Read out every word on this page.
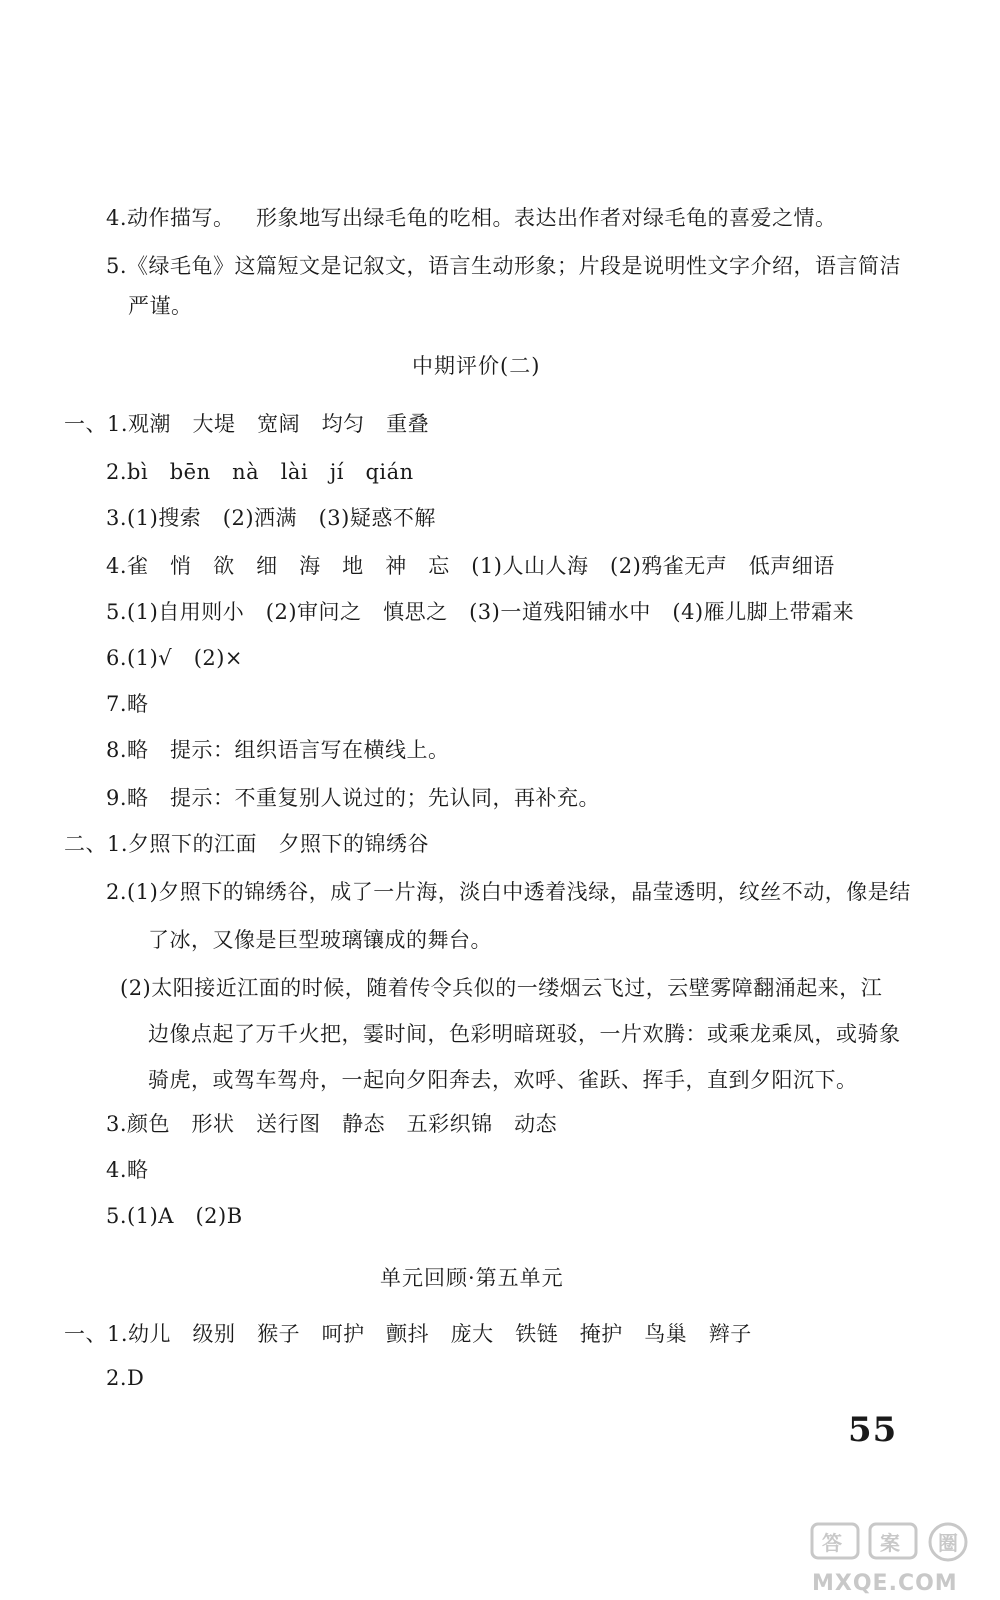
4.动作描写。   形象地写出绿毛龟的吃相。表达出作者对绿毛龟的喜爱之情。
5.《绿毛龟》这篇短文是记叙文，语言生动形象；片段是说明性文字介绍，语言简洁
严谨。
中期评价(二)
一、1.观潮   大堤   宽阔   均匀   重叠
2.bì   bēn   nà   lài   jí   qián
3.(1)搜索   (2)洒满   (3)疑惑不解
4.雀   悄   欲   细   海   地   神   忘   (1)人山人海   (2)鸦雀无声   低声细语
5.(1)自用则小   (2)审问之   慎思之   (3)一道残阳铺水中   (4)雁儿脚上带霜来
6.(1)√   (2)×
7.略
8.略   提示：组织语言写在横线上。
9.略   提示：不重复别人说过的；先认同，再补充。
二、1.夕照下的江面   夕照下的锦绣谷
2.(1)夕照下的锦绣谷，成了一片海，淡白中透着浅绿，晶莹透明，纹丝不动，像是结
了冰，又像是巨型玻璃镶成的舞台。
(2)太阳接近江面的时候，随着传令兵似的一缕烟云飞过，云壁雾障翻涌起来，江
边像点起了万千火把，霎时间，色彩明暗斑驳，一片欢腾：或乘龙乘凤，或骑象
骑虎，或驾车驾舟，一起向夕阳奔去，欢呼、雀跃、挥手，直到夕阳沉下。
3.颜色   形状   送行图   静态   五彩织锦   动态
4.略
5.(1)A   (2)B
单元回顾·第五单元
一、1.幼儿   级别   猴子   呵护   颤抖   庞大   铁链   掩护   鸟巢   辫子
2.D
55
答 案 圈
MXQE.COM
